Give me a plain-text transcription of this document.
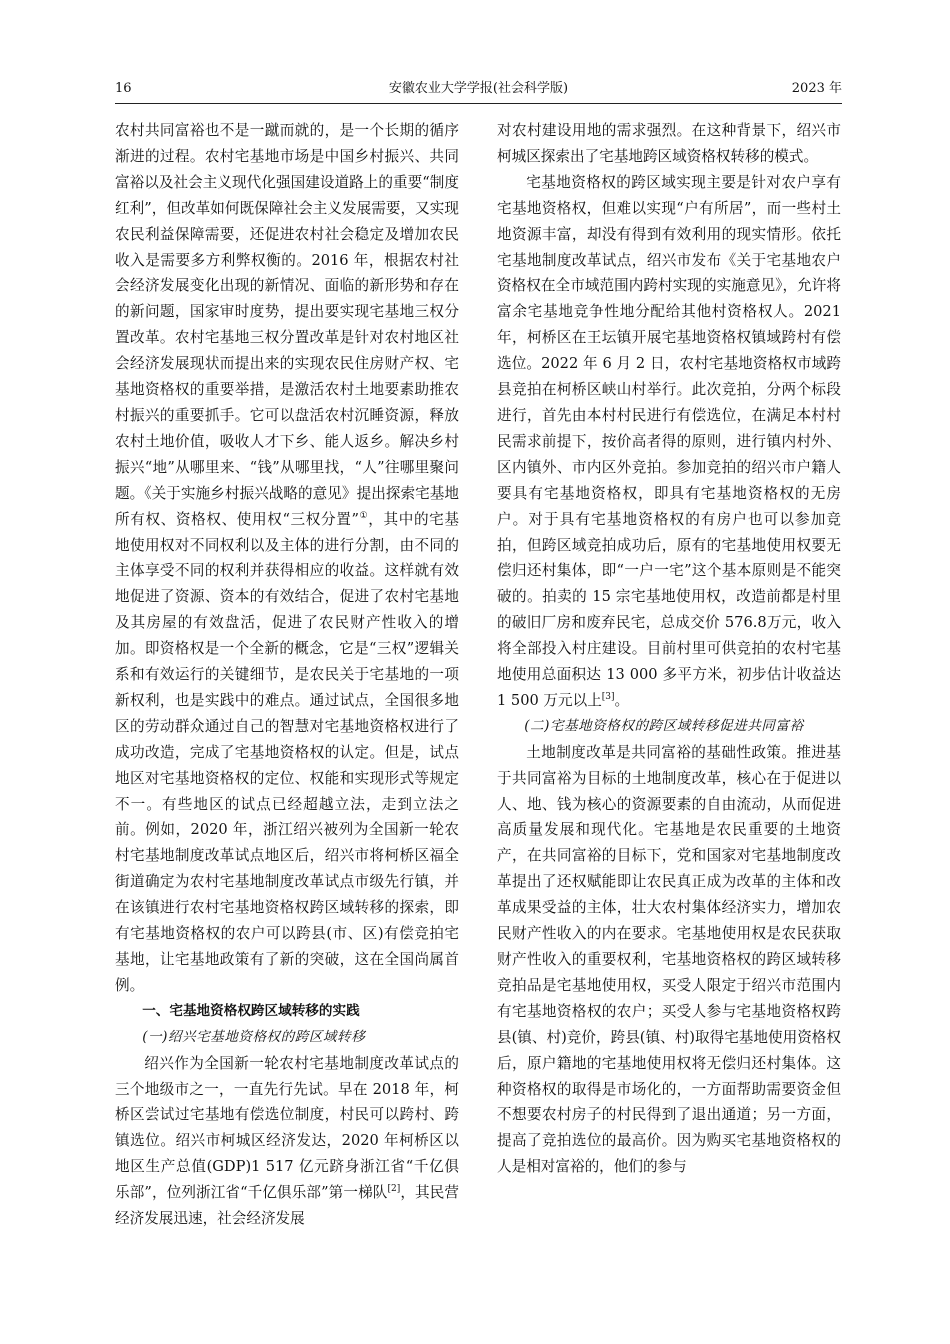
16	安徽农业大学学报(社会科学版)	2023 年

农村共同富裕也不是一蹴而就的，是一个长期的循序渐进的过程。农村宅基地市场是中国乡村振兴、共同富裕以及社会主义现代化强国建设道路上的重要“制度红利”，但改革如何既保障社会主义发展需要，又实现农民利益保障需要，还促进农村社会稳定及增加农民收入是需要多方利弊权衡的。2016 年，根据农村社会经济发展变化出现的新情况、面临的新形势和存在的新问题，国家审时度势，提出要实现宅基地三权分置改革。农村宅基地三权分置改革是针对农村地区社会经济发展现状而提出来的实现农民住房财产权、宅基地资格权的重要举措，是激活农村土地要素助推农村振兴的重要抓手。它可以盘活农村沉睡资源，释放农村土地价值，吸收人才下乡、能人返乡。解决乡村振兴“地”从哪里来、“钱”从哪里找，“人”往哪里聚问题。《关于实施乡村振兴战略的意见》提出探索宅基地所有权、资格权、使用权“三权分置”①，其中的宅基地使用权对不同权利以及主体的进行分割，由不同的主体享受不同的权利并获得相应的收益。这样就有效地促进了资源、资本的有效结合，促进了农村宅基地及其房屋的有效盘活，促进了农民财产性收入的增加。即资格权是一个全新的概念，它是“三权”逻辑关系和有效运行的关键细节，是农民关于宅基地的一项新权利，也是实践中的难点。通过试点，全国很多地区的劳动群众通过自己的智慧对宅基地资格权进行了成功改造，完成了宅基地资格权的认定。但是，试点地区对宅基地资格权的定位、权能和实现形式等规定不一。有些地区的试点已经超越立法，走到立法之前。例如，2020 年，浙江绍兴被列为全国新一轮农村宅基地制度改革试点地区后，绍兴市将柯桥区福全街道确定为农村宅基地制度改革试点市级先行镇，并在该镇进行农村宅基地资格权跨区域转移的探索，即有宅基地资格权的农户可以跨县(市、区)有偿竞拍宅基地，让宅基地政策有了新的突破，这在全国尚属首例。

一、宅基地资格权跨区域转移的实践

(一)绍兴宅基地资格权的跨区域转移

绍兴作为全国新一轮农村宅基地制度改革试点的三个地级市之一，一直先行先试。早在 2018 年，柯桥区尝试过宅基地有偿选位制度，村民可以跨村、跨镇选位。绍兴市柯城区经济发达，2020 年柯桥区以地区生产总值(GDP)1 517 亿元跻身浙江省“千亿俱乐部”，位列浙江省“千亿俱乐部”第一梯队[2]，其民营经济发展迅速，社会经济发展

对农村建设用地的需求强烈。在这种背景下，绍兴市柯城区探索出了宅基地跨区域资格权转移的模式。

宅基地资格权的跨区域实现主要是针对农户享有宅基地资格权，但难以实现“户有所居”，而一些村土地资源丰富，却没有得到有效利用的现实情形。依托宅基地制度改革试点，绍兴市发布《关于宅基地农户资格权在全市域范围内跨村实现的实施意见》，允许将富余宅基地竞争性地分配给其他村资格权人。2021 年，柯桥区在王坛镇开展宅基地资格权镇域跨村有偿选位。2022 年 6 月 2 日，农村宅基地资格权市域跨县竞拍在柯桥区峡山村举行。此次竞拍，分两个标段进行，首先由本村村民进行有偿选位，在满足本村村民需求前提下，按价高者得的原则，进行镇内村外、区内镇外、市内区外竞拍。参加竞拍的绍兴市户籍人要具有宅基地资格权，即具有宅基地资格权的无房户。对于具有宅基地资格权的有房户也可以参加竞拍，但跨区域竞拍成功后，原有的宅基地使用权要无偿归还村集体，即“一户一宅”这个基本原则是不能突破的。拍卖的 15 宗宅基地使用权，改造前都是村里的破旧厂房和废弃民宅，总成交价 576.8万元，收入将全部投入村庄建设。目前村里可供竞拍的农村宅基地使用总面积达 13 000 多平方米，初步估计收益达 1 500 万元以上[3]。

(二)宅基地资格权的跨区域转移促进共同富裕

土地制度改革是共同富裕的基础性政策。推进基于共同富裕为目标的土地制度改革，核心在于促进以人、地、钱为核心的资源要素的自由流动，从而促进高质量发展和现代化。宅基地是农民重要的土地资产，在共同富裕的目标下，党和国家对宅基地制度改革提出了还权赋能即让农民真正成为改革的主体和改革成果受益的主体，壮大农村集体经济实力，增加农民财产性收入的内在要求。宅基地使用权是农民获取财产性收入的重要权利，宅基地资格权的跨区域转移竞拍品是宅基地使用权，买受人限定于绍兴市范围内有宅基地资格权的农户；买受人参与宅基地资格权跨县(镇、村)竞价，跨县(镇、村)取得宅基地使用资格权后，原户籍地的宅基地使用权将无偿归还村集体。这种资格权的取得是市场化的，一方面帮助需要资金但不想要农村房子的村民得到了退出通道；另一方面，提高了竞拍选位的最高价。因为购买宅基地资格权的人是相对富裕的，他们的参与
